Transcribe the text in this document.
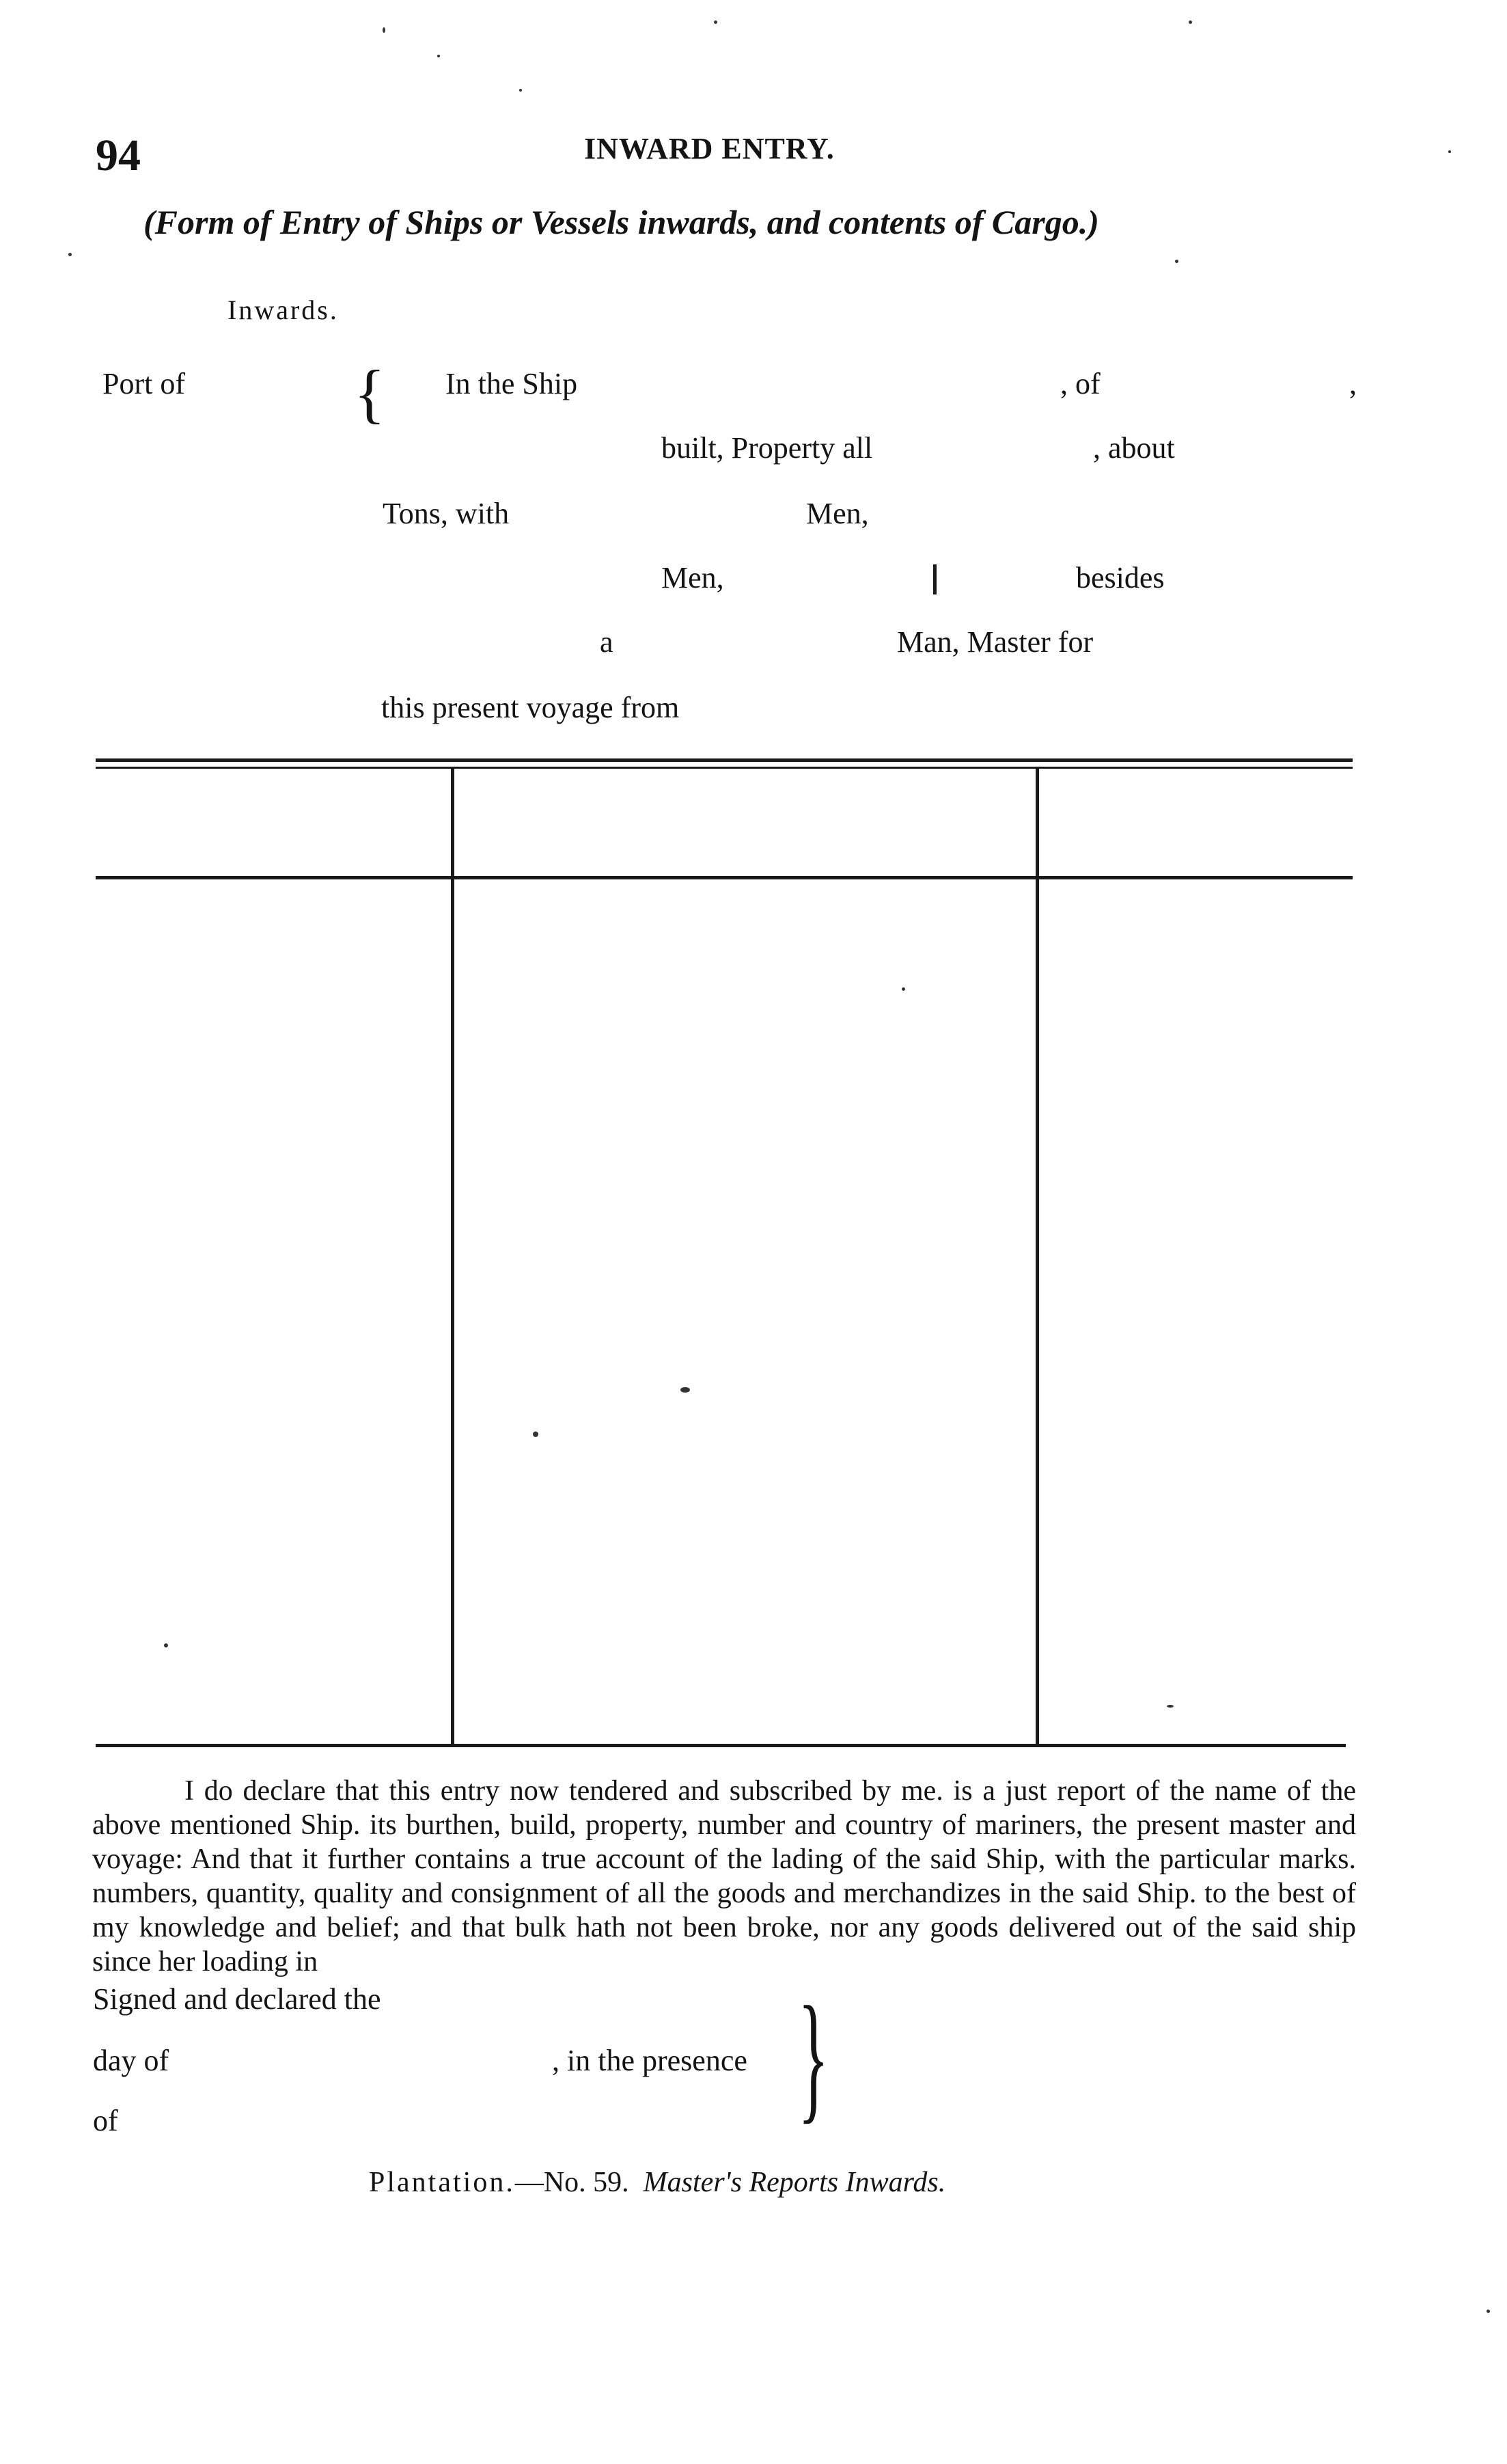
94	INWARD ENTRY.
(Form of Entry of Ships or Vessels inwards, and contents of Cargo.)
Inwards.
Port of	{ In the Ship	, of	,
built, Property all	, about
Tons, with	Men,
Men,	besides
a	Man, Master for
this present voyage from
I do declare that this entry now tendered and subscribed by me. is a just report of the name of the above mentioned Ship. its burthen, build, property, number and country of mariners, the present master and voyage: And that it further contains a true account of the lading of the said Ship, with the particular marks. numbers, quantity, quality and consignment of all the goods and merchandizes in the said Ship. to the best of my knowledge and belief; and that bulk hath not been broke, nor any goods delivered out of the said ship since her loading in
Signed and declared the
day of	, in the presence
of	}
Plantation.—No. 59. Master's Reports Inwards.
